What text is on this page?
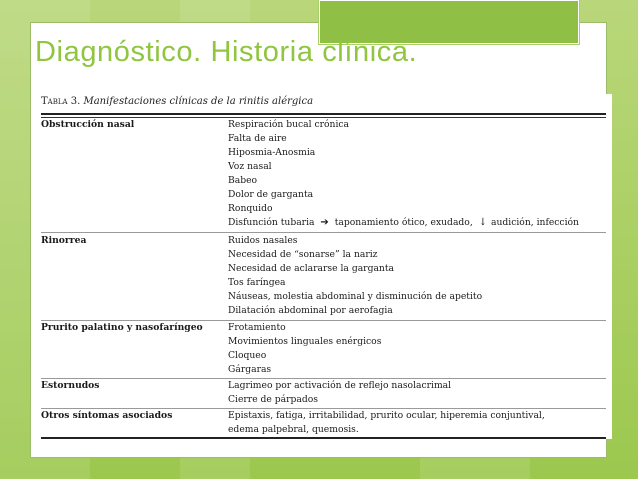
Diagnóstico. Historia clínica.
Tabla 3. Manifestaciones clínicas de la rinitis alérgica
Obstrucción nasal	Respiración bucal crónica
Falta de aire
Hiposmia-Anosmia
Voz nasal
Babeo
Dolor de garganta
Ronquido
Disfunción tubaria ➔ taponamiento ótico, exudado, ↓ audición, infección
Rinorrea	Ruidos nasales
Necesidad de “sonarse” la nariz
Necesidad de aclararse la garganta
Tos faríngea
Náuseas, molestia abdominal y disminución de apetito
Dilatación abdominal por aerofagia
Prurito palatino y nasofaríngeo	Frotamiento
Movimientos linguales enérgicos
Cloqueo
Gárgaras
Estornudos	Lagrimeo por activación de reflejo nasolacrimal
Cierre de párpados
Otros síntomas asociados	Epistaxis, fatiga, irritabilidad, prurito ocular, hiperemia conjuntival,
edema palpebral, quemosis.
